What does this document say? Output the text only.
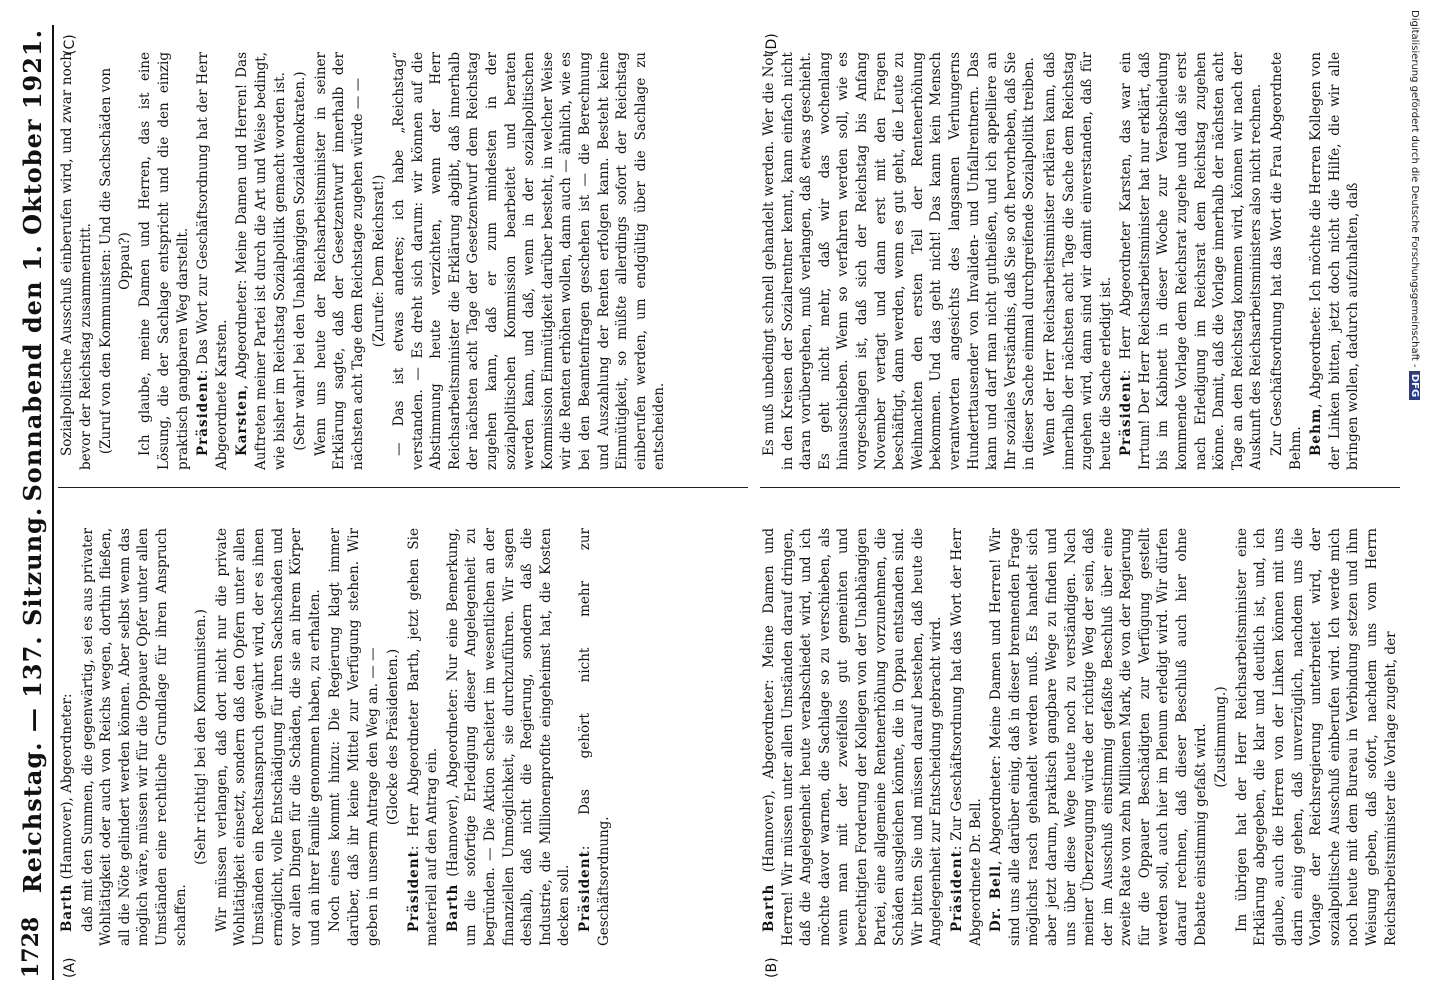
1728
Reichstag. — 137. Sitzung.
Sonnabend den 1. Oktober 1921.
(A)	(B)
(C)	(D)

Barth (Hannover), Abgeordneter: daß mit den Summen, die gegenwärtig, sei es aus privater Wohltätigkeit oder auch von Reichs wegen, dorthin fließen, all die Nöte gelindert werden können. Aber selbst wenn das möglich wäre, müssen wir für die Oppauer Opfer unter allen Umständen eine rechtliche Grundlage für ihren Anspruch schaffen.

(Sehr richtig! bei den Kommunisten.) Wir müssen verlangen, daß dort nicht nur die private Wohltätigkeit einsetzt, sondern daß den Opfern unter allen Umständen ein Rechtsanspruch gewährt wird, der es ihnen ermöglicht, volle Entschädigung für ihren Sachschaden und vor allen Dingen für die Schäden, die sie an ihrem Körper und an ihrer Familie genommen haben, zu erhalten. Noch eines kommt hinzu: Die Regierung klagt immer darüber, daß ihr keine Mittel zur Verfügung stehen. Wir geben in unserm Antrage den Weg an. — — (Glocke des Präsidenten.)

Präsident: Herr Abgeordneter Barth, jetzt gehen Sie materiell auf den Antrag ein. Barth (Hannover), Abgeordneter: Nur eine Bemerkung, um die sofortige Erledigung dieser Angelegenheit zu begründen. — Die Aktion scheitert im wesentlichen an der finanziellen Unmöglichkeit, sie durchzuführen. Wir sagen deshalb, daß nicht die Regierung, sondern daß die Industrie, die Millionenprofite eingeheimst hat, die Kosten decken soll. Präsident: Das gehört nicht mehr zur Geschäftsordnung.

Sozialpolitische Ausschuß einberufen wird, und zwar noch bevor der Reichstag zusammentritt. (Zuruf von den Kommunisten: Und die Sachschäden von Oppau?) Ich glaube, meine Damen und Herren, das ist eine Lösung, die der Sachlage entspricht und die den einzig praktisch gangbaren Weg darstellt. Präsident: Das Wort zur Geschäftsordnung hat der Herr Abgeordnete Karsten. Karsten, Abgeordneter: Meine Damen und Herren! Das Auftreten meiner Partei ist durch die Art und Weise bedingt, wie bisher im Reichstag Sozialpolitik gemacht worden ist. (Sehr wahr! bei den Unabhängigen Sozialdemokraten.) Wenn uns heute der Reichsarbeitsminister in seiner Erklärung sagte, daß der Gesetzentwurf innerhalb der nächsten acht Tage dem Reichstage zugehen würde — — (Zurufe: Dem Reichsrat!) — Das ist etwas anderes; ich habe „Reichstag“ verstanden. — Es dreht sich darum: wir können auf die Abstimmung heute verzichten, wenn der Herr Reichsarbeitsminister die Erklärung abgibt, daß innerhalb der nächsten acht Tage der Gesetzentwurf dem Reichstag zugehen kann, daß er zum mindesten in der sozialpolitischen Kommission bearbeitet und beraten werden kann, und daß, wenn in der sozialpolitischen Kommission Einmütigkeit darüber besteht, in welcher Weise wir die Renten erhöhen wollen, dann auch — ähnlich, wie es bei den Beamtenfragen geschehen ist — die Berechnung und Auszahlung der Renten erfolgen kann. Besteht keine Einmütigkeit, so müßte allerdings sofort der Reichstag einberufen werden, um endgültig über die Sachlage zu entscheiden.

Barth (Hannover), Abgeordneter: Meine Damen und Herren! Wir müssen unter allen Umständen darauf dringen, daß die Angelegenheit heute verabschiedet wird, und ich möchte davor warnen, die Sachlage so zu verschieben, als wenn man mit der zweifellos gut gemeinten und berechtigten Forderung der Kollegen von der Unabhängigen Partei, eine allgemeine Rentenerhöhung vorzunehmen, die Schäden ausgleichen könnte, die in Oppau entstanden sind. Wir bitten Sie und müssen darauf bestehen, daß heute die Angelegenheit zur Entscheidung gebracht wird. Präsident: Zur Geschäftsordnung hat das Wort der Herr Abgeordnete Dr. Bell. Dr. Bell, Abgeordneter: Meine Damen und Herren! Wir sind uns alle darüber einig, daß in dieser brennenden Frage möglichst rasch gehandelt werden muß. Es handelt sich aber jetzt darum, praktisch gangbare Wege zu finden und uns über diese Wege heute noch zu verständigen. Nach meiner Überzeugung würde der richtige Weg der sein, daß der im Ausschuß einstimmig gefaßte Beschluß über eine zweite Rate von zehn Millionen Mark, die von der Regierung für die Oppauer Beschädigten zur Verfügung gestellt werden soll, auch hier im Plenum erledigt wird. Wir dürfen darauf rechnen, daß dieser Beschluß auch hier ohne Debatte einstimmig gefaßt wird. (Zustimmung.) Im übrigen hat der Herr Reichsarbeitsminister eine Erklärung abgegeben, die klar und deutlich ist, und, ich glaube, auch die Herren von der Linken können mit uns darin einig gehen, daß unverzüglich, nachdem uns die Vorlage der Reichsregierung unterbreitet wird, der sozialpolitische Ausschuß einberufen wird. Ich werde mich noch heute mit dem Bureau in Verbindung setzen und ihm Weisung geben, daß sofort, nachdem uns vom Herrn Reichsarbeitsminister die Vorlage zugeht, der

Es muß unbedingt schnell gehandelt werden. Wer die Not in den Kreisen der Sozialrentner kennt, kann einfach nicht daran vorübergehen, muß verlangen, daß etwas geschieht. Es geht nicht mehr, daß wir das wochenlang hinausschieben. Wenn so verfahren werden soll, wie es vorgeschlagen ist, daß sich der Reichstag bis Anfang November vertagt und dann erst mit den Fragen beschäftigt, dann werden, wenn es gut geht, die Leute zu Weihnachten den ersten Teil der Rentenerhöhung bekommen. Und das geht nicht! Das kann kein Mensch verantworten angesichts des langsamen Verhungerns Hunderttausender von Invaliden- und Unfallrentnern. Das kann und darf man nicht gutheißen, und ich appelliere an Ihr soziales Verständnis, daß Sie so oft hervorheben, daß Sie in dieser Sache einmal durchgreifende Sozialpolitik treiben. Wenn der Herr Reichsarbeitsminister erklären kann, daß innerhalb der nächsten acht Tage die Sache dem Reichstag zugehen wird, dann sind wir damit einverstanden, daß für heute die Sache erledigt ist. Präsident: Herr Abgeordneter Karsten, das war ein Irrtum! Der Herr Reichsarbeitsminister hat nur erklärt, daß bis im Kabinett in dieser Woche zur Verabschiedung kommende Vorlage dem Reichsrat zugehe und daß sie erst nach Erledigung im Reichsrat dem Reichstag zugehen könne. Damit, daß die Vorlage innerhalb der nächsten acht Tage an den Reichstag kommen wird, können wir nach der Auskunft des Reichsarbeitsministers also nicht rechnen. Zur Geschäftsordnung hat das Wort die Frau Abgeordnete Behm. Behm, Abgeordnete: Ich möchte die Herren Kollegen von der Linken bitten, jetzt doch nicht die Hilfe, die wir alle bringen wollen, dadurch aufzuhalten, daß	Digitalisierung gefördert durch die Deutsche Forschungsgemeinschaft - DFG
